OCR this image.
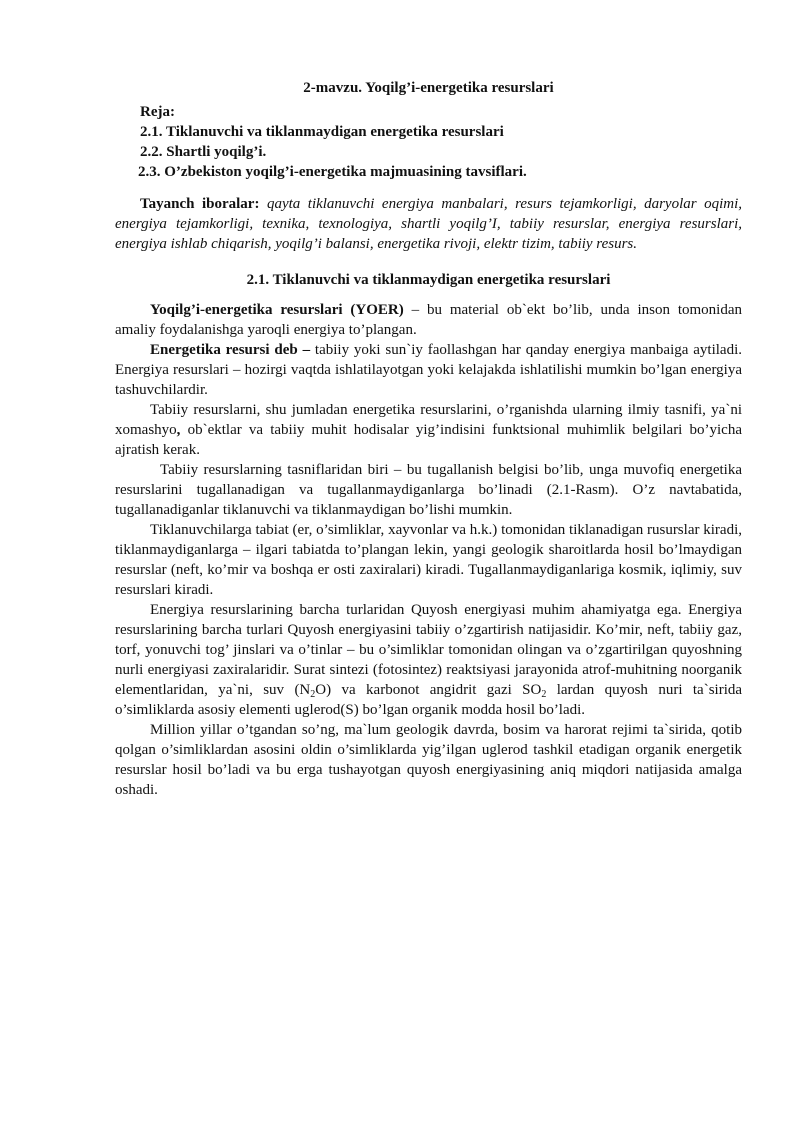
2-mavzu. Yoqilg’i-energetika resurslari
Reja:
2.1. Tiklanuvchi va tiklanmaydigan energetika resurslari
2.2. Shartli yoqilg’i.
2.3. O’zbekiston yoqilg’i-energetika majmuasining tavsiflari.
Tayanch iboralar: qayta tiklanuvchi energiya manbalari, resurs tejamkorligi, daryolar oqimi, energiya tejamkorligi, texnika, texnologiya, shartli yoqilg’I, tabiiy resurslar, energiya resurslari, energiya ishlab chiqarish, yoqilg’i balansi, energetika rivoji, elektr tizim, tabiiy resurs.
2.1. Tiklanuvchi va tiklanmaydigan energetika resurslari

Yoqilg’i-energetika resurslari (YOER) – bu material ob`ekt bo’lib, unda inson tomonidan amaliy foydalanishga yaroqli energiya to’plangan.

Energetika resursi deb – tabiiy yoki sun`iy faollashgan har qanday energiya manbaiga aytiladi. Energiya resurslari – hozirgi vaqtda ishlatilayotgan yoki kelajakda ishlatilishi mumkin bo’lgan energiya tashuvchilardir.

Tabiiy resurslarni, shu jumladan energetika resurslarini, o’rganishda ularning ilmiy tasnifi, ya`ni xomashyo, ob`ektlar va tabiiy muhit hodisalar yig’indisini funktsional muhimlik belgilari bo’yicha ajratish kerak.

Tabiiy resurslarning tasniflaridan biri – bu tugallanish belgisi bo’lib, unga muvofiq energetika resurslarini tugallanadigan va tugallanmaydiganlarga bo’linadi (2.1-Rasm). O’z navtabatida, tugallanadiganlar tiklanuvchi va tiklanmaydigan bo’lishi mumkin.

Tiklanuvchilarga tabiat (er, o’simliklar, xayvonlar va h.k.) tomonidan tiklanadigan rusurslar kiradi, tiklanmaydiganlarga – ilgari tabiatda to’plangan lekin, yangi geologik sharoitlarda hosil bo’lmaydigan resurslar (neft, ko’mir va boshqa er osti zaxiralari) kiradi. Tugallanmaydiganlariga kosmik, iqlimiy, suv resurslari kiradi.

Energiya resurslarining barcha turlaridan Quyosh energiyasi muhim ahamiyatga ega. Energiya resurslarining barcha turlari Quyosh energiyasini tabiiy o’zgartirish natijasidir. Ko’mir, neft, tabiiy gaz, torf, yonuvchi tog’ jinslari va o’tinlar – bu o’simliklar tomonidan olingan va o’zgartirilgan quyoshning nurli energiyasi zaxiralaridir. Surat sintezi (fotosintez) reaktsiyasi jarayonida atrof-muhitning noorganik elementlaridan, ya`ni, suv $(N_2O)$ va karbonot angidrit gazi $SO_2$ lardan quyosh nuri ta`sirida o’simliklarda asosiy elementi uglerod(S) bo’lgan organik modda hosil bo’ladi.

Million yillar o’tgandan so’ng, ma`lum geologik davrda, bosim va harorat rejimi ta`sirida, qotib qolgan o’simliklardan asosini oldin o’simliklarda yig’ilgan uglerod tashkil etadigan organik energetik resurslar hosil bo’ladi va bu erga tushayotgan quyosh energiyasining aniq miqdori natijasida amalga oshadi.
